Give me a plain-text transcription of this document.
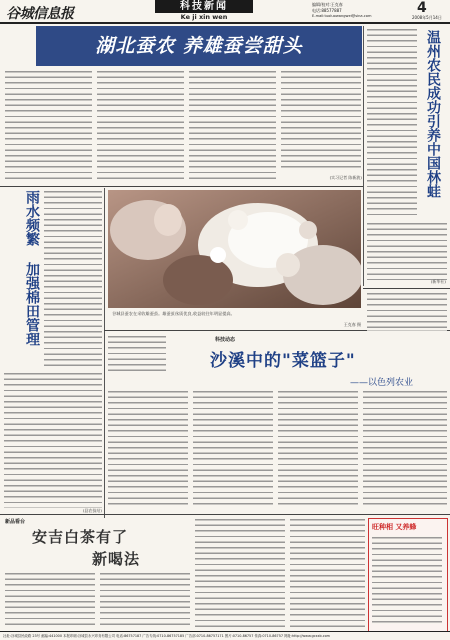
谷城信息报	科技新闻
Ke ji xin wen
编辑/校对:王克春
电话:88577887
E-mail:tuoluowangwei@sina.com	4
2008年5月14日
湖北蚕农 养雄蚕尝甜头
(实习记者 陈新波)	温州农民成功引养中国林蛙
(新华社)
雨水频繁 加强棉田管理
(县农技站)
谷城县蚕农在采收雄蚕茧。雄蚕茧丝质优良,收益较往年明显提高。
王克春 摄
科技动态
沙溪中的"菜篮子"
——以色列农业
新品看台
安吉白茶有了
新喝法
旺种相 又养蜂
社址:谷城县民政路 23号 邮编:441000 本报印刷:谷城县永兴印务有限公司 电话:86757187 广告专线:0710-86757185 广告部:0710-86757171 图片:0710-86757 传真:0710-86757 网址:http://www.gcxxb.com
